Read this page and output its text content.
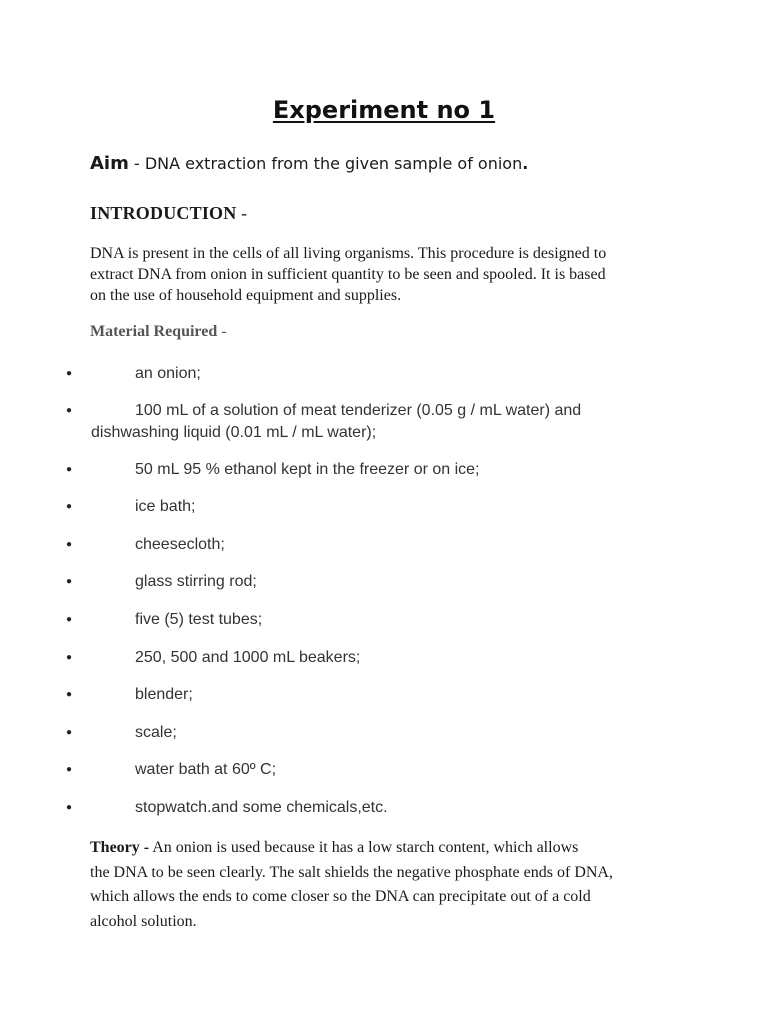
Experiment no 1
Aim - DNA extraction from the given sample of onion.
INTRODUCTION -
DNA is present in the cells of all living organisms. This procedure is designed to
extract DNA from onion in sufficient quantity to be seen and spooled. It is based
on the use of household equipment and supplies.
Material Required -
●	an onion;
●	100 mL of a solution of meat tenderizer (0.05 g / mL water) and
dishwashing liquid (0.01 mL / mL water);
●	50 mL 95 % ethanol kept in the freezer or on ice;
●	ice bath;
●	cheesecloth;
●	glass stirring rod;
●	five (5) test tubes;
●	250, 500 and 1000 mL beakers;
●	blender;
●	scale;
●	water bath at 60º C;
●	stopwatch.and some chemicals,etc.
Theory - An onion is used because it has a low starch content, which allows
the DNA to be seen clearly. The salt shields the negative phosphate ends of DNA,
which allows the ends to come closer so the DNA can precipitate out of a cold
alcohol solution.
